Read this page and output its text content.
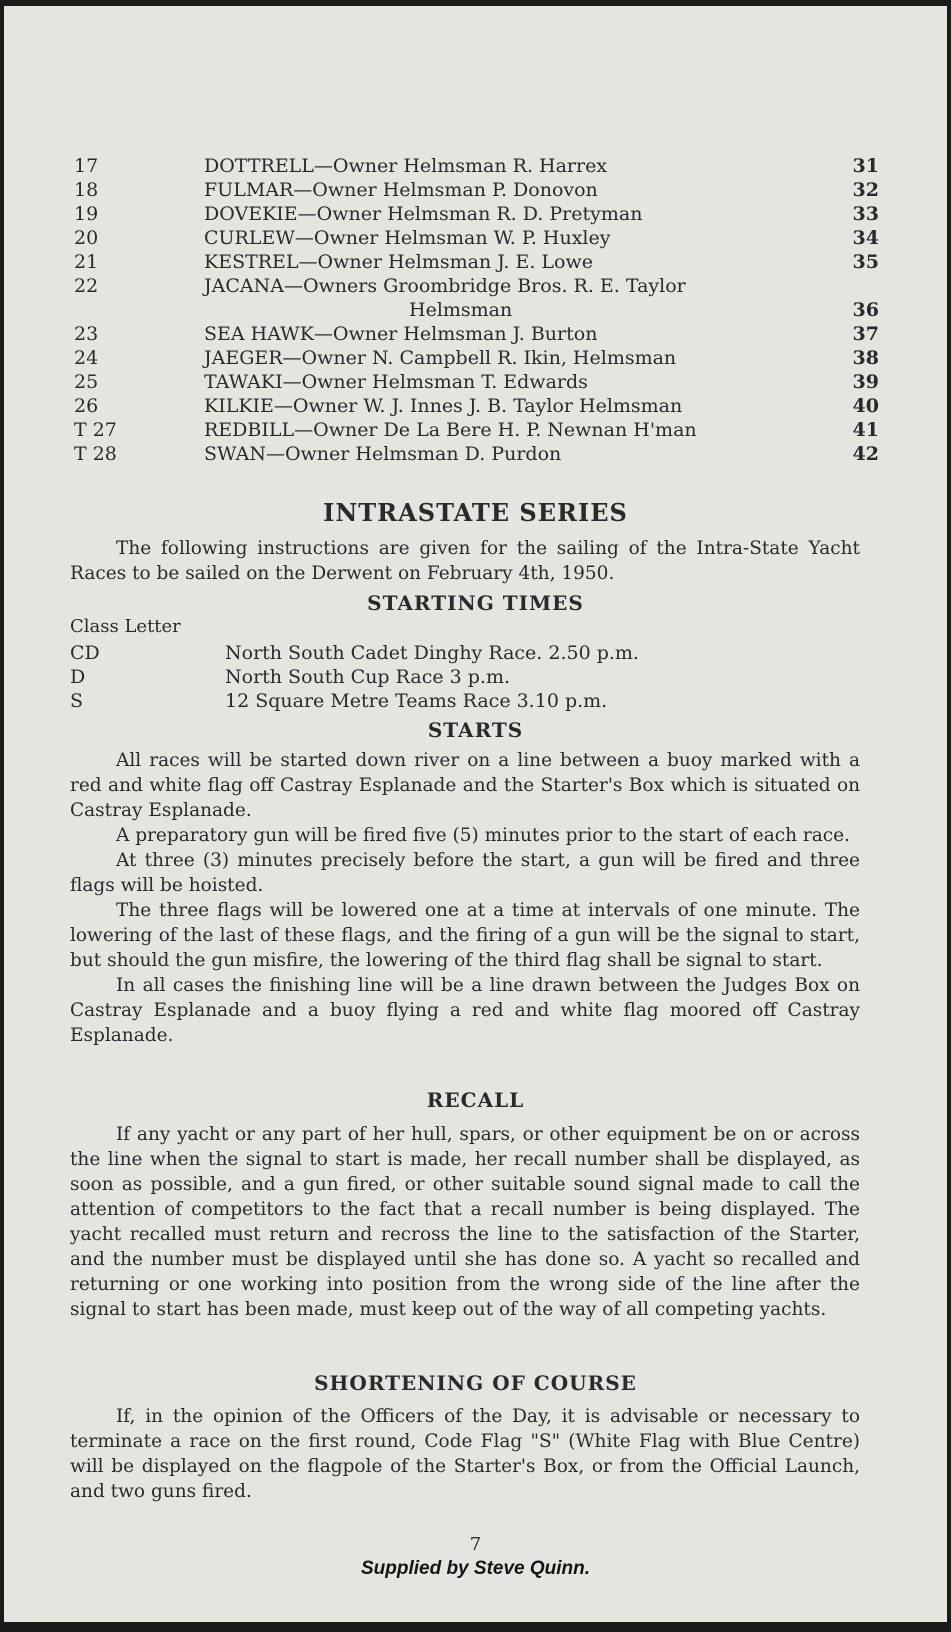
17	DOTTRELL—Owner Helmsman R. Harrex	31
18	FULMAR—Owner Helmsman P. Donovon	32
19	DOVEKIE—Owner Helmsman R. D. Pretyman	33
20	CURLEW—Owner Helmsman W. P. Huxley	34
21	KESTREL—Owner Helmsman J. E. Lowe	35
22	JACANA—Owners Groombridge Bros. R. E. Taylor
Helmsman	36
23	SEA HAWK—Owner Helmsman J. Burton	37
24	JAEGER—Owner N. Campbell R. Ikin, Helmsman	38
25	TAWAKI—Owner Helmsman T. Edwards	39
26	KILKIE—Owner W. J. Innes J. B. Taylor Helmsman	40
T 27	REDBILL—Owner De La Bere H. P. Newnan H'man	41
T 28	SWAN—Owner Helmsman D. Purdon	42
INTRASTATE SERIES

The following instructions are given for the sailing of the Intra-State Yacht Races to be sailed on the Derwent on February 4th, 1950.

STARTING TIMES
Class Letter
CD	North South Cadet Dinghy Race. 2.50 p.m.
D	North South Cup Race 3 p.m.
S	12 Square Metre Teams Race 3.10 p.m.
STARTS

All races will be started down river on a line between a buoy marked with a red and white flag off Castray Esplanade and the Starter's Box which is situated on Castray Esplanade.

A preparatory gun will be fired five (5) minutes prior to the start of each race.

At three (3) minutes precisely before the start, a gun will be fired and three flags will be hoisted.

The three flags will be lowered one at a time at intervals of one minute. The lowering of the last of these flags, and the firing of a gun will be the signal to start, but should the gun misfire, the lowering of the third flag shall be signal to start.

In all cases the finishing line will be a line drawn between the Judges Box on Castray Esplanade and a buoy flying a red and white flag moored off Castray Esplanade.

RECALL

If any yacht or any part of her hull, spars, or other equipment be on or across the line when the signal to start is made, her recall number shall be displayed, as soon as possible, and a gun fired, or other suitable sound signal made to call the attention of competitors to the fact that a recall number is being displayed. The yacht recalled must return and recross the line to the satisfaction of the Starter, and the number must be displayed until she has done so. A yacht so recalled and returning or one working into position from the wrong side of the line after the signal to start has been made, must keep out of the way of all competing yachts.

SHORTENING OF COURSE

If, in the opinion of the Officers of the Day, it is advisable or necessary to terminate a race on the first round, Code Flag "S" (White Flag with Blue Centre) will be displayed on the flagpole of the Starter's Box, or from the Official Launch, and two guns fired.

7
Supplied by Steve Quinn.
